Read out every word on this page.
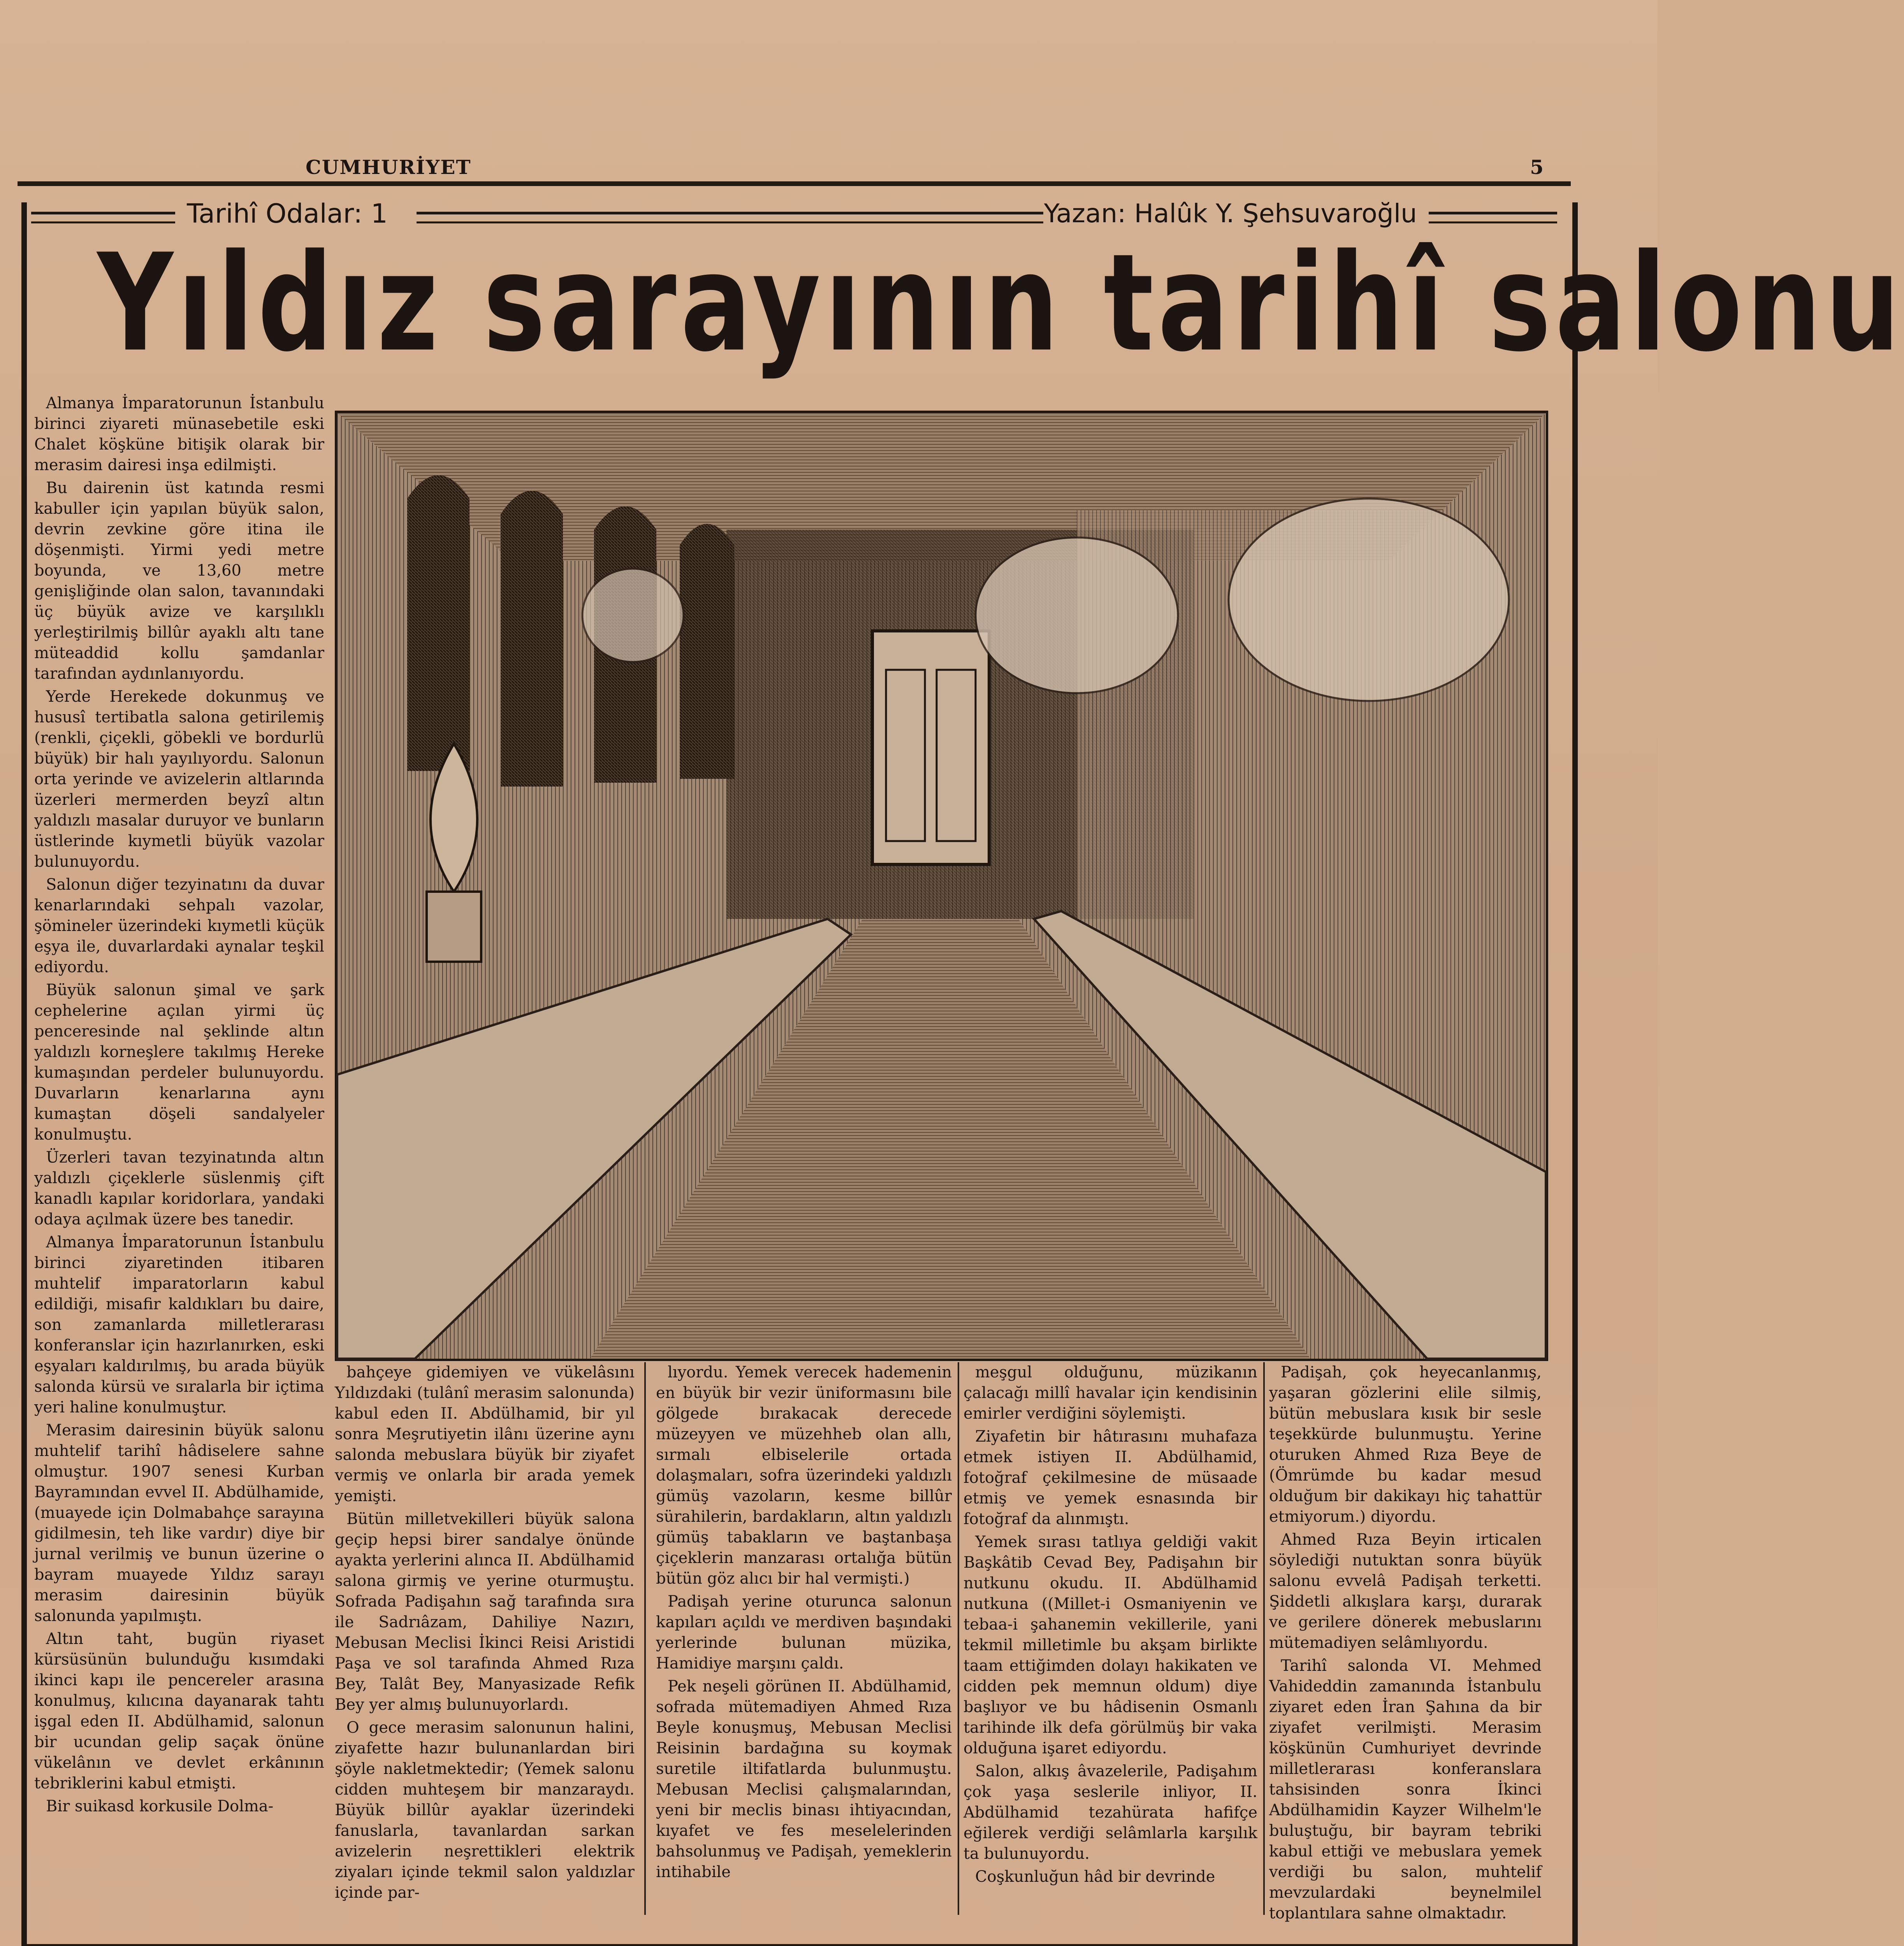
CUMHURİYET	5
Tarihî Odalar: 1	Yazan: Halûk Y. Şehsuvaroğlu
Yıldız sarayının tarihî salonu

Almanya İmparatorunun İstanbulu birinci ziyareti münasebetile eski Chalet köşküne bitişik olarak bir merasim dairesi inşa edilmişti.

Bu dairenin üst katında resmi kabuller için yapılan büyük salon, devrin zevkine göre itina ile döşenmişti. Yirmi yedi metre boyunda, ve 13,60 metre genişliğinde olan salon, tavanındaki üç büyük avize ve karşılıklı yerleştirilmiş billûr ayaklı altı tane müteaddid kollu şamdanlar tarafından aydınlanıyordu.

Yerde Herekede dokunmuş ve hususî tertibatla salona getirilemiş (renkli, çiçekli, göbekli ve bordurlü büyük) bir halı yayılıyordu. Salonun orta yerinde ve avizelerin altlarında üzerleri mermerden beyzî altın yaldızlı masalar duruyor ve bunların üstlerinde kıymetli büyük vazolar bulunuyordu.

Salonun diğer tezyinatını da duvar kenarlarındaki sehpalı vazolar, şömineler üzerindeki kıymetli küçük eşya ile, duvarlardaki aynalar teşkil ediyordu.

Büyük salonun şimal ve şark cephelerine açılan yirmi üç penceresinde nal şeklinde altın yaldızlı korneşlere takılmış Hereke kumaşından perdeler bulunuyordu. Duvarların kenarlarına aynı kumaştan döşeli sandalyeler konulmuştu.

Üzerleri tavan tezyinatında altın yaldızlı çiçeklerle süslenmiş çift kanadlı kapılar koridorlara, yandaki odaya açılmak üzere bes tanedir.

Almanya İmparatorunun İstanbulu birinci ziyaretinden itibaren muhtelif imparatorların kabul edildiği, misafir kaldıkları bu daire, son zamanlarda milletlerarası konferanslar için hazırlanırken, eski eşyaları kaldırılmış, bu arada büyük salonda kürsü ve sıralarla bir içtima yeri haline konulmuştur.

Merasim dairesinin büyük salonu muhtelif tarihî hâdiselere sahne olmuştur. 1907 senesi Kurban Bayramından evvel II. Abdülhamide, (muayede için Dolmabahçe sarayına gidilmesin, teh like vardır) diye bir jurnal verilmiş ve bunun üzerine o bayram muayede Yıldız sarayı merasim dairesinin büyük salonunda yapılmıştı.

Altın taht, bugün riyaset kürsüsünün bulunduğu kısımdaki ikinci kapı ile pencereler arasına konulmuş, kılıcına dayanarak tahtı işgal eden II. Abdülhamid, salonun bir ucundan gelip saçak önüne vükelânın ve devlet erkânının tebriklerini kabul etmişti.

Bir suikasd korkusile Dolma-

bahçeye gidemiyen ve vükelâsını Yıldızdaki (tulânî merasim salonunda) kabul eden II. Abdülhamid, bir yıl sonra Meşrutiyetin ilânı üzerine aynı salonda mebuslara büyük bir ziyafet vermiş ve onlarla bir arada yemek yemişti.

Bütün milletvekilleri büyük salona geçip hepsi birer sandalye önünde ayakta yerlerini alınca II. Abdülhamid salona girmiş ve yerine oturmuştu. Sofrada Padişahın sağ tarafında sıra ile Sadrıâzam, Dahiliye Nazırı, Mebusan Meclisi İkinci Reisi Aristidi Paşa ve sol tarafında Ahmed Rıza Bey, Talât Bey, Manyasizade Refik Bey yer almış bulunuyorlardı.

O gece merasim salonunun halini, ziyafette hazır bulunanlardan biri şöyle nakletmektedir; (Yemek salonu cidden muhteşem bir manzaraydı. Büyük billûr ayaklar üzerindeki fanuslarla, tavanlardan sarkan avizelerin neşrettikleri elektrik ziyaları içinde tekmil salon yaldızlar içinde par-

lıyordu. Yemek verecek hademenin en büyük bir vezir üniformasını bile gölgede bırakacak derecede müzeyyen ve müzehheb olan allı, sırmalı elbiselerile ortada dolaşmaları, sofra üzerindeki yaldızlı gümüş vazoların, kesme billûr sürahilerin, bardakların, altın yaldızlı gümüş tabakların ve baştanbaşa çiçeklerin manzarası ortalığa bütün bütün göz alıcı bir hal vermişti.)

Padişah yerine oturunca salonun kapıları açıldı ve merdiven başındaki yerlerinde bulunan müzika, Hamidiye marşını çaldı.

Pek neşeli görünen II. Abdülhamid, sofrada mütemadiyen Ahmed Rıza Beyle konuşmuş, Mebusan Meclisi Reisinin bardağına su koymak suretile iltifatlarda bulunmuştu. Mebusan Meclisi çalışmalarından, yeni bir meclis binası ihtiyacından, kıyafet ve fes meselelerinden bahsolunmuş ve Padişah, yemeklerin intihabile

meşgul olduğunu, müzikanın çalacağı millî havalar için kendisinin emirler verdiğini söylemişti.

Ziyafetin bir hâtırasını muhafaza etmek istiyen II. Abdülhamid, fotoğraf çekilmesine de müsaade etmiş ve yemek esnasında bir fotoğraf da alınmıştı.

Yemek sırası tatlıya geldiği vakit Başkâtib Cevad Bey, Padişahın bir nutkunu okudu. II. Abdülhamid nutkuna ((Millet-i Osmaniyenin ve tebaa-i şahanemin vekillerile, yani tekmil milletimle bu akşam birlikte taam ettiğimden dolayı hakikaten ve cidden pek memnun oldum) diye başlıyor ve bu hâdisenin Osmanlı tarihinde ilk defa görülmüş bir vaka olduğuna işaret ediyordu.

Salon, alkış âvazelerile, Padişahım çok yaşa seslerile inliyor, II. Abdülhamid tezahürata hafifçe eğilerek verdiği selâmlarla karşılık ta bulunuyordu.

Coşkunluğun hâd bir devrinde

Padişah, çok heyecanlanmış, yaşaran gözlerini elile silmiş, bütün mebuslara kısık bir sesle teşekkürde bulunmuştu. Yerine oturuken Ahmed Rıza Beye de (Ömrümde bu kadar mesud olduğum bir dakikayı hiç tahattür etmiyorum.) diyordu.

Ahmed Rıza Beyin irticalen söylediği nutuktan sonra büyük salonu evvelâ Padişah terketti. Şiddetli alkışlara karşı, durarak ve gerilere dönerek mebuslarını mütemadiyen selâmlıyordu.

Tarihî salonda VI. Mehmed Vahideddin zamanında İstanbulu ziyaret eden İran Şahına da bir ziyafet verilmişti. Merasim köşkünün Cumhuriyet devrinde milletlerarası konferanslara tahsisinden sonra İkinci Abdülhamidin Kayzer Wilhelm'le buluştuğu, bir bayram tebriki kabul ettiği ve mebuslara yemek verdiği bu salon, muhtelif mevzulardaki beynelmilel toplantılara sahne olmaktadır.
